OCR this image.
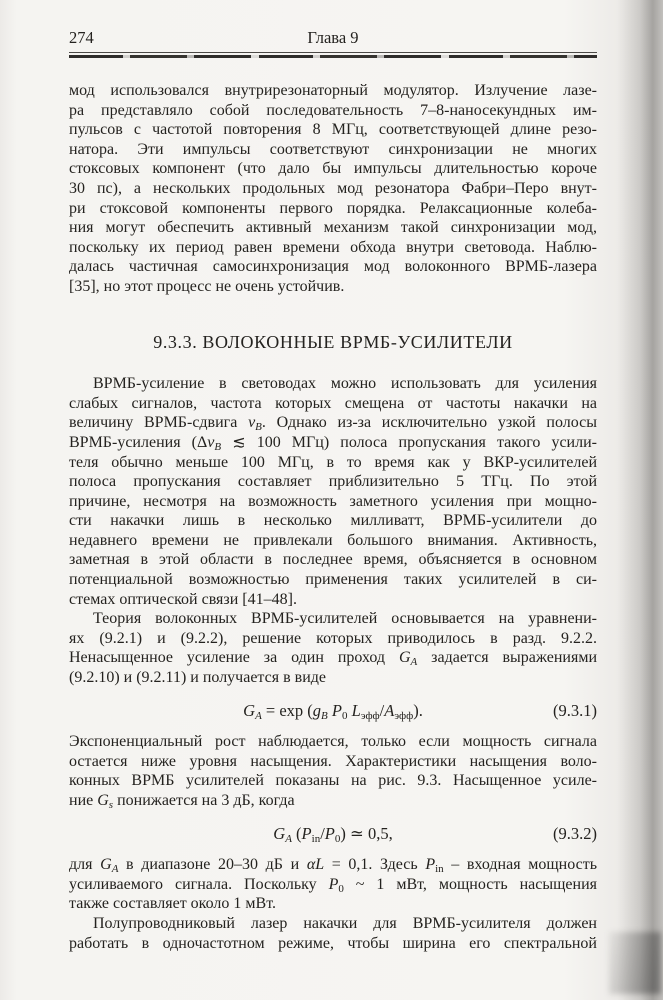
274	Глава 9
мод использовался внутрирезонаторный модулятор. Излучение лазе-
ра представляло собой последовательность 7–8-наносекундных им-
пульсов с частотой повторения 8 МГц, соответствующей длине резо-
натора. Эти импульсы соответствуют синхронизации не многих
стоксовых компонент (что дало бы импульсы длительностью короче
30 пс), а нескольких продольных мод резонатора Фабри–Перо внут-
ри стоксовой компоненты первого порядка. Релаксационные колеба-
ния могут обеспечить активный механизм такой синхронизации мод,
поскольку их период равен времени обхода внутри световода. Наблю-
далась частичная самосинхронизация мод волоконного ВРМБ-лазера
[35], но этот процесс не очень устойчив.
9.3.3. ВОЛОКОННЫЕ ВРМБ-УСИЛИТЕЛИ
ВРМБ-усиление в световодах можно использовать для усиления
слабых сигналов, частота которых смещена от частоты накачки на
величину ВРМБ-сдвига $\nu_B$. Однако из-за исключительно узкой полосы
ВРМБ-усиления ($\Delta\nu_B$ ≲ 100 МГц) полоса пропускания такого усили-
теля обычно меньше 100 МГц, в то время как у ВКР-усилителей
полоса пропускания составляет приблизительно 5 ТГц. По этой
причине, несмотря на возможность заметного усиления при мощно-
сти накачки лишь в несколько милливатт, ВРМБ-усилители до
недавнего времени не привлекали большого внимания. Активность,
заметная в этой области в последнее время, объясняется в основном
потенциальной возможностью применения таких усилителей в си-
стемах оптической связи [41–48].
Теория волоконных ВРМБ-усилителей основывается на уравнени-
ях (9.2.1) и (9.2.2), решение которых приводилось в разд. 9.2.2.
Ненасыщенное усиление за один проход $G_A$ задается выражениями
(9.2.10) и (9.2.11) и получается в виде
$G_A = \exp (g_B$ $P_0$ $L_{эфф}/A_{эфф}$).	(9.3.1)
Экспоненциальный рост наблюдается, только если мощность сигнала
остается ниже уровня насыщения. Характеристики насыщения воло-
конных ВРМБ усилителей показаны на рис. 9.3. Насыщенное усиле-
ние $G_s$ понижается на 3 дБ, когда
$G_A$ $(P_{in}/P_0)$ ≃ 0,5,	(9.3.2)
для $G_A$ в диапазоне 20–30 дБ и αL = 0,1. Здесь $P_{in}$ – входная мощность
усиливаемого сигнала. Поскольку $P_0$ ~ 1 мВт, мощность насыщения
также составляет около 1 мВт.
Полупроводниковый лазер накачки для ВРМБ-усилителя должен
работать в одночастотном режиме, чтобы ширина его спектральной
